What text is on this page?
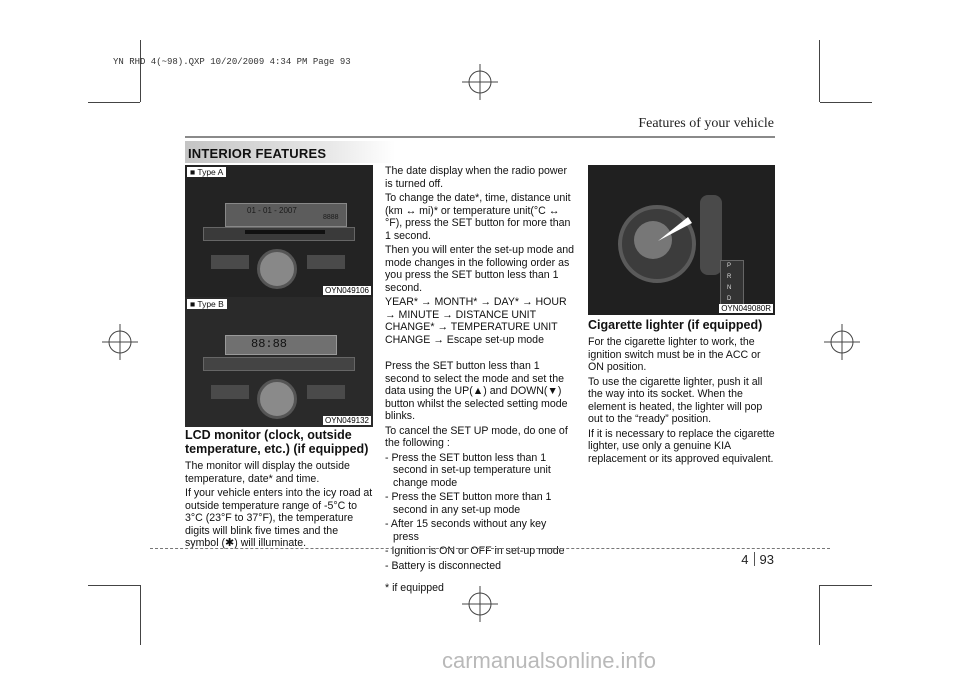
YN RHD 4(~98).QXP 10/20/2009 4:34 PM Page 93
Features of your vehicle
INTERIOR FEATURES
■ Type A
01 - 01 - 2007
8888
OYN049106
■ Type B
88:88
OYN049132
P
R
N
D
OYN049080R
LCD monitor (clock, outside temperature, etc.) (if equipped)

The monitor will display the outside temperature, date* and time.

If your vehicle enters into the icy road at outside temperature range of -5°C to 3°C (23°F to 37°F), the temperature digits will blink five times and the symbol (✱) will illuminate.

The date display when the radio power is turned off.

To change the date*, time, distance unit (km ↔ mi)* or temperature unit(°C ↔ °F), press the SET button for more than 1 second.

Then you will enter the set-up mode and mode changes in the following order as you press the SET button less than 1 second.

YEAR* → MONTH* → DAY* → HOUR → MINUTE → DISTANCE UNIT CHANGE* → TEMPERATURE UNIT CHANGE → Escape set-up mode

Press the SET button less than 1 second to select the mode and set the data using the UP(▲) and DOWN(▼) button whilst the selected setting mode blinks.

To cancel the SET UP mode, do one of the following :

- Press the SET button less than 1 second in set-up temperature unit change mode

- Press the SET button more than 1 second in any set-up mode

- After 15 seconds without any key press

- Ignition is ON or OFF in set-up mode

- Battery is disconnected

* if equipped

Cigarette lighter (if equipped)

For the cigarette lighter to work, the ignition switch must be in the ACC or ON position.

To use the cigarette lighter, push it all the way into its socket. When the element is heated, the lighter will pop out to the “ready” position.

If it is necessary to replace the cigarette lighter, use only a genuine KIA replacement or its approved equivalent.

4 93
carmanualsonline.info
